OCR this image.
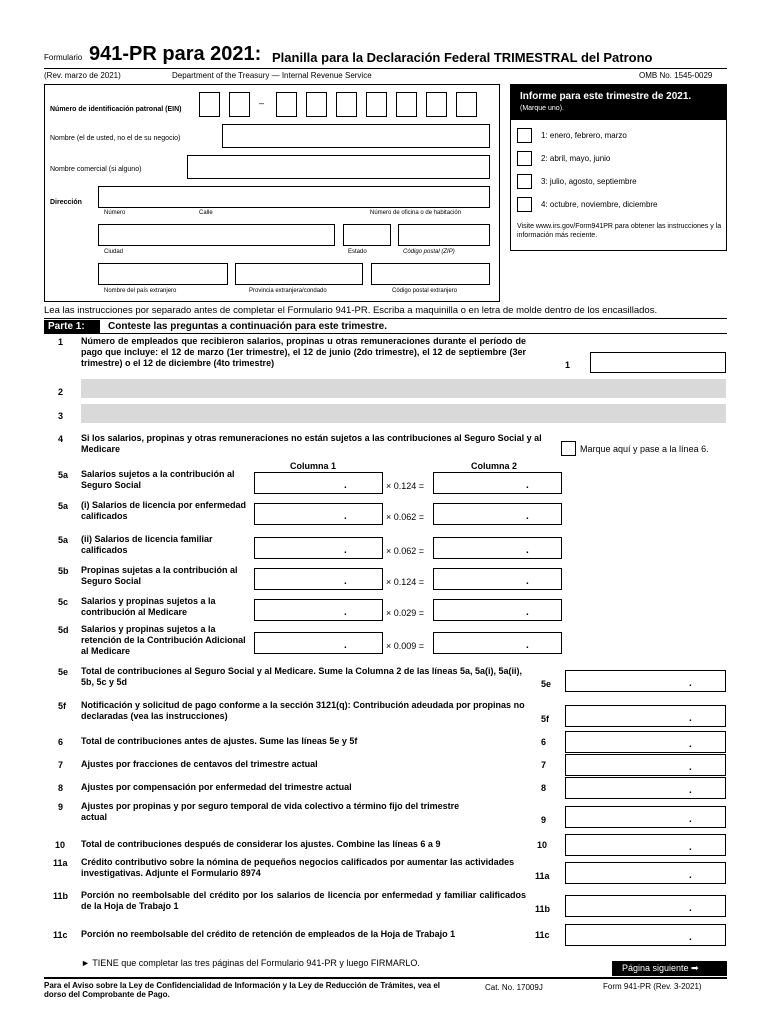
Formulario 941-PR para 2021: Planilla para la Declaración Federal TRIMESTRAL del Patrono
(Rev. marzo de 2021)	Department of the Treasury — Internal Revenue Service	OMB No. 1545-0029
Número de identificación patronal (EIN)
–
Nombre (el de usted, no el de su negocio)
Nombre comercial (si alguno)
Dirección
Número	Calle	Número de oficina o de habitación
Ciudad	Estado	Código postal (ZIP)
Nombre del país extranjero	Provincia extranjera/condado	Código postal extranjero
Informe para este trimestre de 2021.
(Marque uno).
1: enero, febrero, marzo
2: abril, mayo, junio
3: julio, agosto, septiembre
4: octubre, noviembre, diciembre
Visite www.irs.gov/Form941PR para obtener las instrucciones y la información más reciente.
Lea las instrucciones por separado antes de completar el Formulario 941-PR. Escriba a maquinilla o en letra de molde dentro de los encasillados.
Parte 1: Conteste las preguntas a continuación para este trimestre.
1 Número de empleados que recibieron salarios, propinas u otras remuneraciones durante el período de pago que incluye: el 12 de marzo (1er trimestre), el 12 de junio (2do trimestre), el 12 de septiembre (3er trimestre) o el 12 de diciembre (4to trimestre)	1
2
3
4 Si los salarios, propinas y otras remuneraciones no están sujetos a las contribuciones al Seguro Social y al Medicare	Marque aquí y pase a la línea 6.
Columna 1	Columna 2
5a Salarios sujetos a la contribución al Seguro Social	.	× 0.124 =	.
5a (i) Salarios de licencia por enfermedad calificados	.	× 0.062 =	.
5a (ii) Salarios de licencia familiar calificados	.	× 0.062 =	.
5b Propinas sujetas a la contribución al Seguro Social	.	× 0.124 =	.
5c Salarios y propinas sujetos a la contribución al Medicare	.	× 0.029 =	.
5d Salarios y propinas sujetos a la retención de la Contribución Adicional al Medicare	.	× 0.009 =	.
5e Total de contribuciones al Seguro Social y al Medicare. Sume la Columna 2 de las líneas 5a, 5a(i), 5a(ii), 5b, 5c y 5d	5e	.
5f Notificación y solicitud de pago conforme a la sección 3121(q): Contribución adeudada por propinas no declaradas (vea las instrucciones)	5f	.
6 Total de contribuciones antes de ajustes. Sume las líneas 5e y 5f	6	.
7 Ajustes por fracciones de centavos del trimestre actual	7	.
8 Ajustes por compensación por enfermedad del trimestre actual	8	.
9 Ajustes por propinas y por seguro temporal de vida colectivo a término fijo del trimestre actual	9	.
10 Total de contribuciones después de considerar los ajustes. Combine las líneas 6 a 9	10	.
11a Crédito contributivo sobre la nómina de pequeños negocios calificados por aumentar las actividades investigativas. Adjunte el Formulario 8974	11a	.
11b Porción no reembolsable del crédito por los salarios de licencia por enfermedad y familiar calificados de la Hoja de Trabajo 1	11b	.
11c Porción no reembolsable del crédito de retención de empleados de la Hoja de Trabajo 1	11c	.
► TIENE que completar las tres páginas del Formulario 941-PR y luego FIRMARLO.	Página siguiente ➡
Para el Aviso sobre la Ley de Confidencialidad de Información y la Ley de Reducción de Trámites, vea el dorso del Comprobante de Pago.
Cat. No. 17009J	Form 941-PR (Rev. 3-2021)
